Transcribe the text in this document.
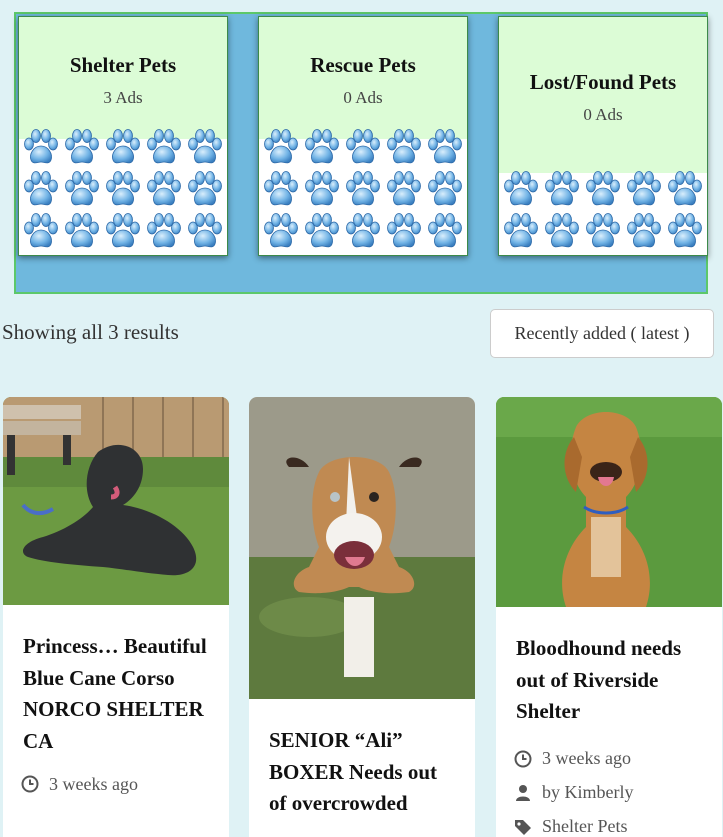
Shelter Pets
3 Ads
Rescue Pets
0 Ads
Lost/Found Pets
0 Ads
Showing all 3 results	Recently added ( latest )
Princess… Beautiful Blue Cane Corso NORCO SHELTER CA
3 weeks ago
SENIOR “Ali” BOXER Needs out of overcrowded
Bloodhound needs out of Riverside Shelter
3 weeks ago
by Kimberly
Shelter Pets
